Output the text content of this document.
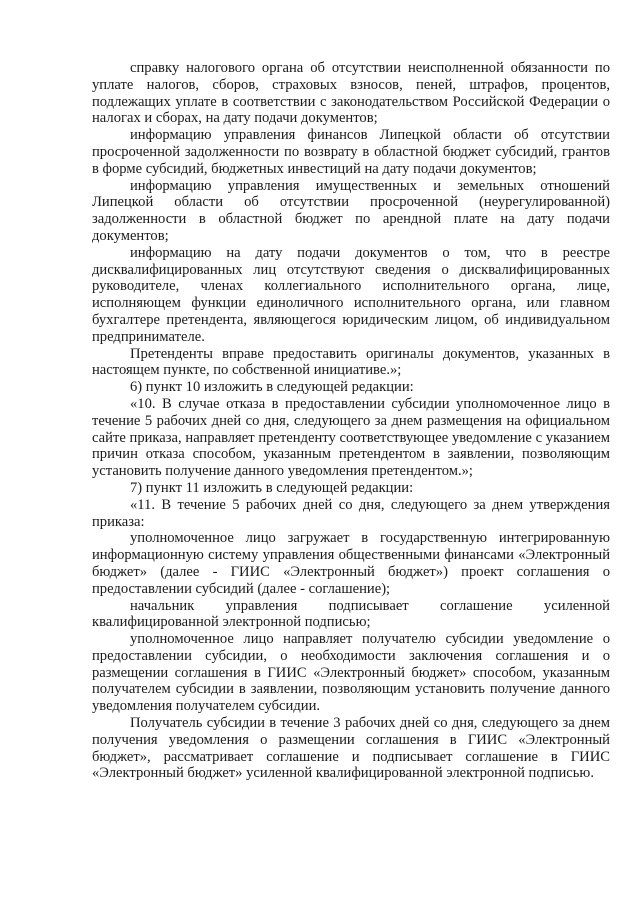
справку налогового органа об отсутствии неисполненной обязанности по уплате налогов, сборов, страховых взносов, пеней, штрафов, процентов, подлежащих уплате в соответствии с законодательством Российской Федерации о налогах и сборах, на дату подачи документов;

информацию управления финансов Липецкой области об отсутствии просроченной задолженности по возврату в областной бюджет субсидий, грантов в форме субсидий, бюджетных инвестиций на дату подачи документов;

информацию управления имущественных и земельных отношений Липецкой области об отсутствии просроченной (неурегулированной) задолженности в областной бюджет по арендной плате на дату подачи документов;

информацию на дату подачи документов о том, что в реестре дисквалифицированных лиц отсутствуют сведения о дисквалифицированных руководителе, членах коллегиального исполнительного органа, лице, исполняющем функции единоличного исполнительного органа, или главном бухгалтере претендента, являющегося юридическим лицом, об индивидуальном предпринимателе.

Претенденты вправе предоставить оригиналы документов, указанных в настоящем пункте, по собственной инициативе.»;

6) пункт 10 изложить в следующей редакции:

«10. В случае отказа в предоставлении субсидии уполномоченное лицо в течение 5 рабочих дней со дня, следующего за днем размещения на официальном сайте приказа, направляет претенденту соответствующее уведомление с указанием причин отказа способом, указанным претендентом в заявлении, позволяющим установить получение данного уведомления претендентом.»;

7) пункт 11 изложить в следующей редакции:

«11. В течение 5 рабочих дней со дня, следующего за днем утверждения приказа:

уполномоченное лицо загружает в государственную интегрированную информационную систему управления общественными финансами «Электронный бюджет» (далее - ГИИС «Электронный бюджет») проект соглашения о предоставлении субсидий (далее - соглашение);

начальник управления подписывает соглашение усиленной квалифицированной электронной подписью;

уполномоченное лицо направляет получателю субсидии уведомление о предоставлении субсидии, о необходимости заключения соглашения и о размещении соглашения в ГИИС «Электронный бюджет» способом, указанным получателем субсидии в заявлении, позволяющим установить получение данного уведомления получателем субсидии.

Получатель субсидии в течение 3 рабочих дней со дня, следующего за днем получения уведомления о размещении соглашения в ГИИС «Электронный бюджет», рассматривает соглашение и подписывает соглашение в ГИИС «Электронный бюджет» усиленной квалифицированной электронной подписью.
